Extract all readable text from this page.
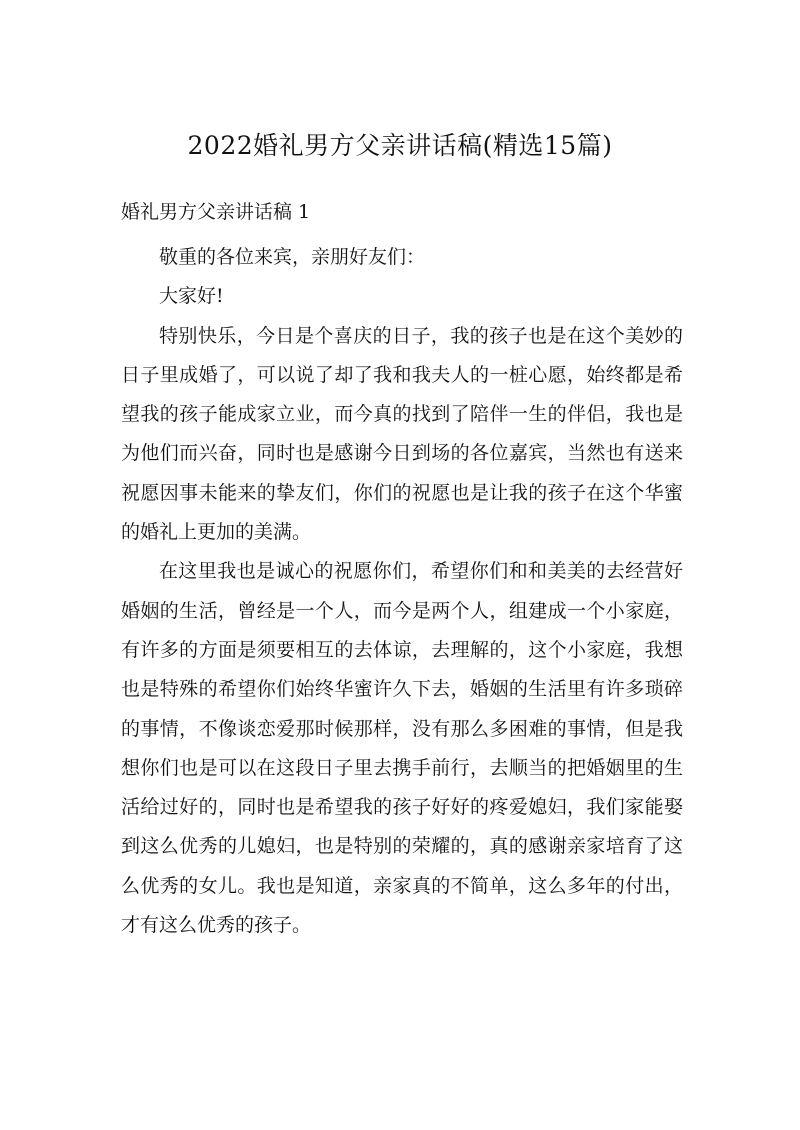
2022婚礼男方父亲讲话稿(精选15篇)
婚礼男方父亲讲话稿 1

敬重的各位来宾，亲朋好友们：

大家好!

特别快乐，今日是个喜庆的日子，我的孩子也是在这个美妙的日子里成婚了，可以说了却了我和我夫人的一桩心愿，始终都是希望我的孩子能成家立业，而今真的找到了陪伴一生的伴侣，我也是为他们而兴奋，同时也是感谢今日到场的各位嘉宾，当然也有送来祝愿因事未能来的挚友们，你们的祝愿也是让我的孩子在这个华蜜的婚礼上更加的美满。

在这里我也是诚心的祝愿你们，希望你们和和美美的去经营好婚姻的生活，曾经是一个人，而今是两个人，组建成一个小家庭，有许多的方面是须要相互的去体谅，去理解的，这个小家庭，我想也是特殊的希望你们始终华蜜许久下去，婚姻的生活里有许多琐碎的事情，不像谈恋爱那时候那样，没有那么多困难的事情，但是我想你们也是可以在这段日子里去携手前行，去顺当的把婚姻里的生活给过好的，同时也是希望我的孩子好好的疼爱媳妇，我们家能娶到这么优秀的儿媳妇，也是特别的荣耀的，真的感谢亲家培育了这么优秀的女儿。我也是知道，亲家真的不简单，这么多年的付出，才有这么优秀的孩子。
